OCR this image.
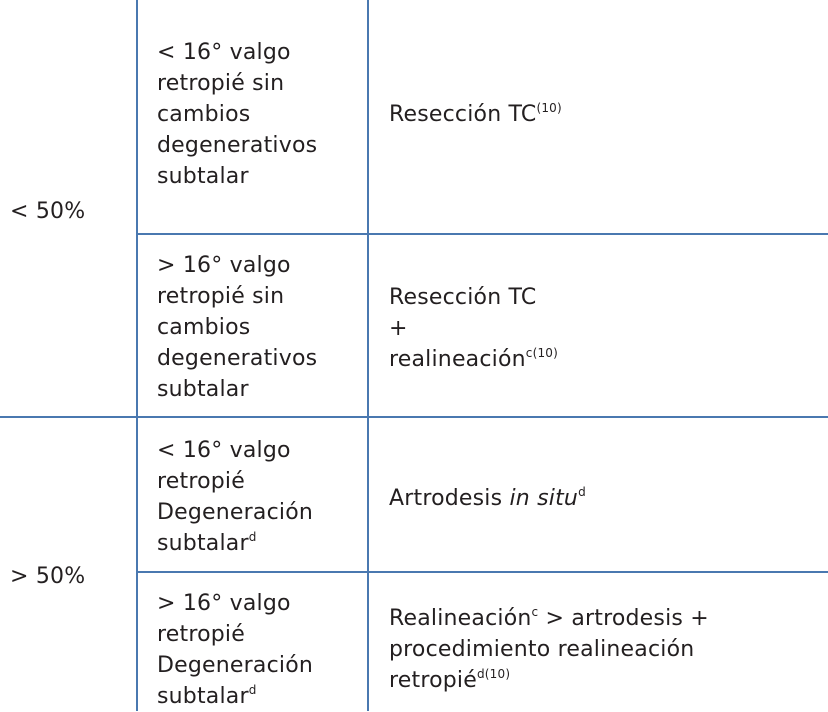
< 50%

< 16° valgo

retropié sin

cambios

degenerativos

subtalar

Resección TC$^{(10)}$

> 16° valgo

retropié sin

cambios

degenerativos

subtalar

Resección TC

+

realineación$^{c(10)}$

> 50%

< 16° valgo

retropié

Degeneración

subtalar$^d$

Artrodesis in situ$^d$

> 16° valgo

retropié

Degeneración

subtalar$^d$

Realineación$^c$ > artrodesis +

procedimiento realineación

retropié$^{d(10)}$
